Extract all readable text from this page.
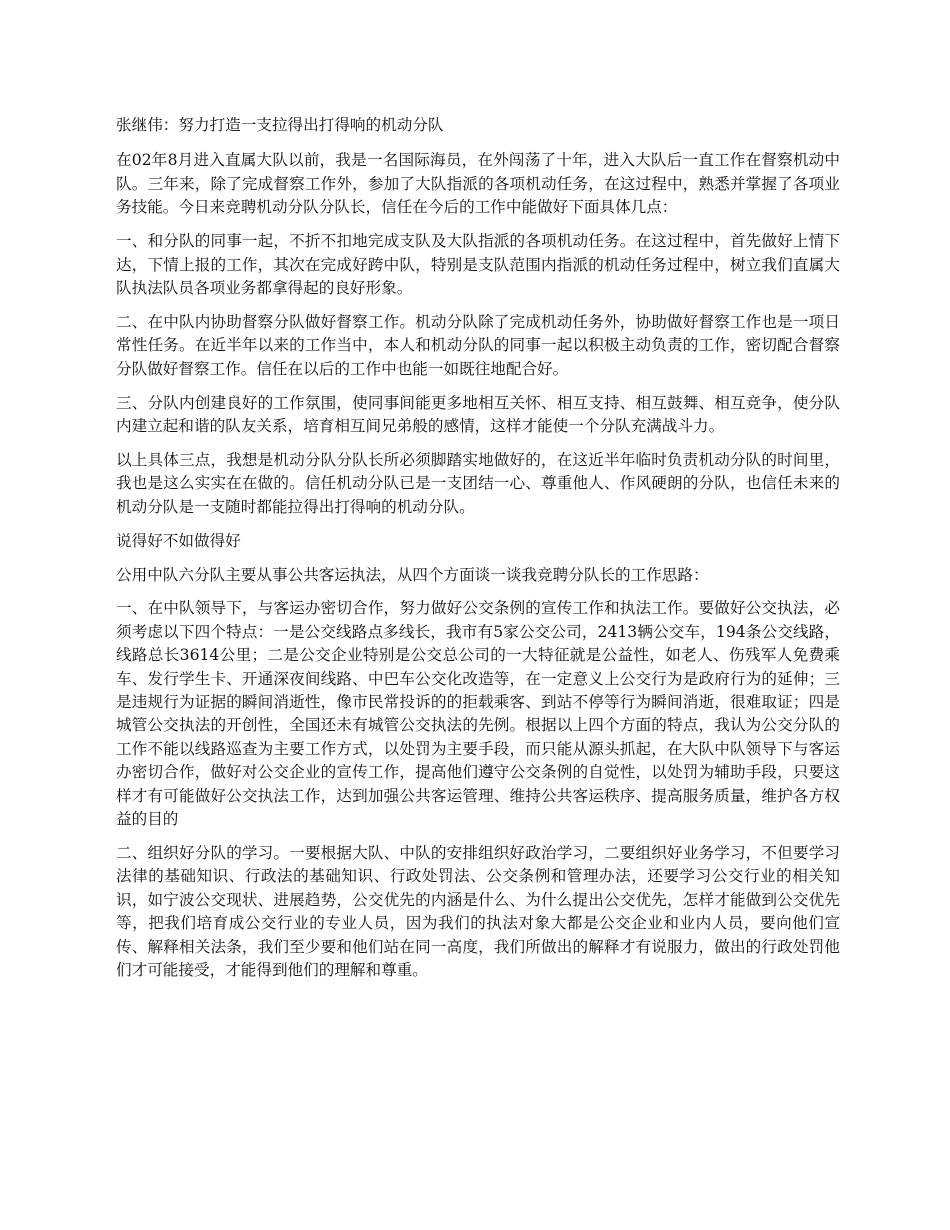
张继伟：努力打造一支拉得出打得响的机动分队

在02年8月进入直属大队以前，我是一名国际海员，在外闯荡了十年，进入大队后一直工作在督察机动中队。三年来，除了完成督察工作外，参加了大队指派的各项机动任务，在这过程中，熟悉并掌握了各项业务技能。今日来竞聘机动分队分队长，信任在今后的工作中能做好下面具体几点：

一、和分队的同事一起，不折不扣地完成支队及大队指派的各项机动任务。在这过程中，首先做好上情下达，下情上报的工作，其次在完成好跨中队，特别是支队范围内指派的机动任务过程中，树立我们直属大队执法队员各项业务都拿得起的良好形象。

二、在中队内协助督察分队做好督察工作。机动分队除了完成机动任务外，协助做好督察工作也是一项日常性任务。在近半年以来的工作当中，本人和机动分队的同事一起以积极主动负责的工作，密切配合督察分队做好督察工作。信任在以后的工作中也能一如既往地配合好。

三、分队内创建良好的工作氛围，使同事间能更多地相互关怀、相互支持、相互鼓舞、相互竞争，使分队内建立起和谐的队友关系，培育相互间兄弟般的感情，这样才能使一个分队充满战斗力。

以上具体三点，我想是机动分队分队长所必须脚踏实地做好的，在这近半年临时负责机动分队的时间里，我也是这么实实在在做的。信任机动分队已是一支团结一心、尊重他人、作风硬朗的分队，也信任未来的机动分队是一支随时都能拉得出打得响的机动分队。

说得好不如做得好

公用中队六分队主要从事公共客运执法，从四个方面谈一谈我竞聘分队长的工作思路：

一、在中队领导下，与客运办密切合作，努力做好公交条例的宣传工作和执法工作。要做好公交执法，必须考虑以下四个特点：一是公交线路点多线长，我市有5家公交公司，2413辆公交车，194条公交线路，线路总长3614公里；二是公交企业特别是公交总公司的一大特征就是公益性，如老人、伤残军人免费乘车、发行学生卡、开通深夜间线路、中巴车公交化改造等，在一定意义上公交行为是政府行为的延伸；三是违规行为证据的瞬间消逝性，像市民常投诉的的拒载乘客、到站不停等行为瞬间消逝，很难取证；四是城管公交执法的开创性，全国还未有城管公交执法的先例。根据以上四个方面的特点，我认为公交分队的工作不能以线路巡查为主要工作方式，以处罚为主要手段，而只能从源头抓起，在大队中队领导下与客运办密切合作，做好对公交企业的宣传工作，提高他们遵守公交条例的自觉性，以处罚为辅助手段，只要这样才有可能做好公交执法工作，达到加强公共客运管理、维持公共客运秩序、提高服务质量，维护各方权益的目的

二、组织好分队的学习。一要根据大队、中队的安排组织好政治学习，二要组织好业务学习，不但要学习法律的基础知识、行政法的基础知识、行政处罚法、公交条例和管理办法，还要学习公交行业的相关知识，如宁波公交现状、进展趋势，公交优先的内涵是什么、为什么提出公交优先，怎样才能做到公交优先等，把我们培育成公交行业的专业人员，因为我们的执法对象大都是公交企业和业内人员，要向他们宣传、解释相关法条，我们至少要和他们站在同一高度，我们所做出的解释才有说服力，做出的行政处罚他们才可能接受，才能得到他们的理解和尊重。
